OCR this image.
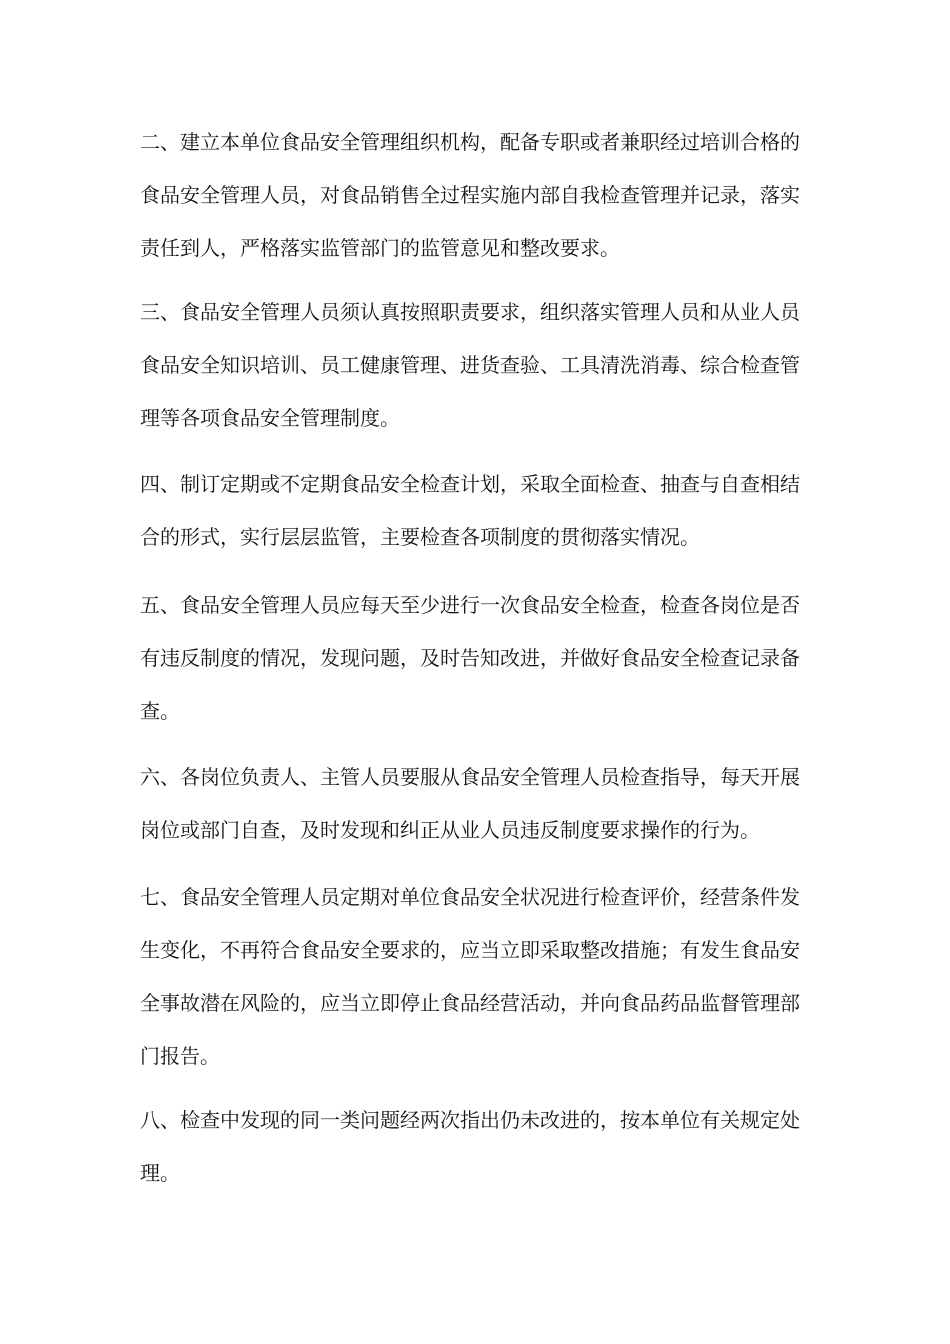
二、建立本单位食品安全管理组织机构，配备专职或者兼职经过培训合格的
食品安全管理人员，对食品销售全过程实施内部自我检查管理并记录，落实
责任到人，严格落实监管部门的监管意见和整改要求。
三、食品安全管理人员须认真按照职责要求，组织落实管理人员和从业人员
食品安全知识培训、员工健康管理、进货查验、工具清洗消毒、综合检查管
理等各项食品安全管理制度。
四、制订定期或不定期食品安全检查计划，采取全面检查、抽查与自查相结
合的形式，实行层层监管，主要检查各项制度的贯彻落实情况。
五、食品安全管理人员应每天至少进行一次食品安全检查，检查各岗位是否
有违反制度的情况，发现问题，及时告知改进，并做好食品安全检查记录备
查。
六、各岗位负责人、主管人员要服从食品安全管理人员检查指导，每天开展
岗位或部门自查，及时发现和纠正从业人员违反制度要求操作的行为。
七、食品安全管理人员定期对单位食品安全状况进行检查评价，经营条件发
生变化，不再符合食品安全要求的，应当立即采取整改措施；有发生食品安
全事故潜在风险的，应当立即停止食品经营活动，并向食品药品监督管理部
门报告。
八、检查中发现的同一类问题经两次指出仍未改进的，按本单位有关规定处
理。
